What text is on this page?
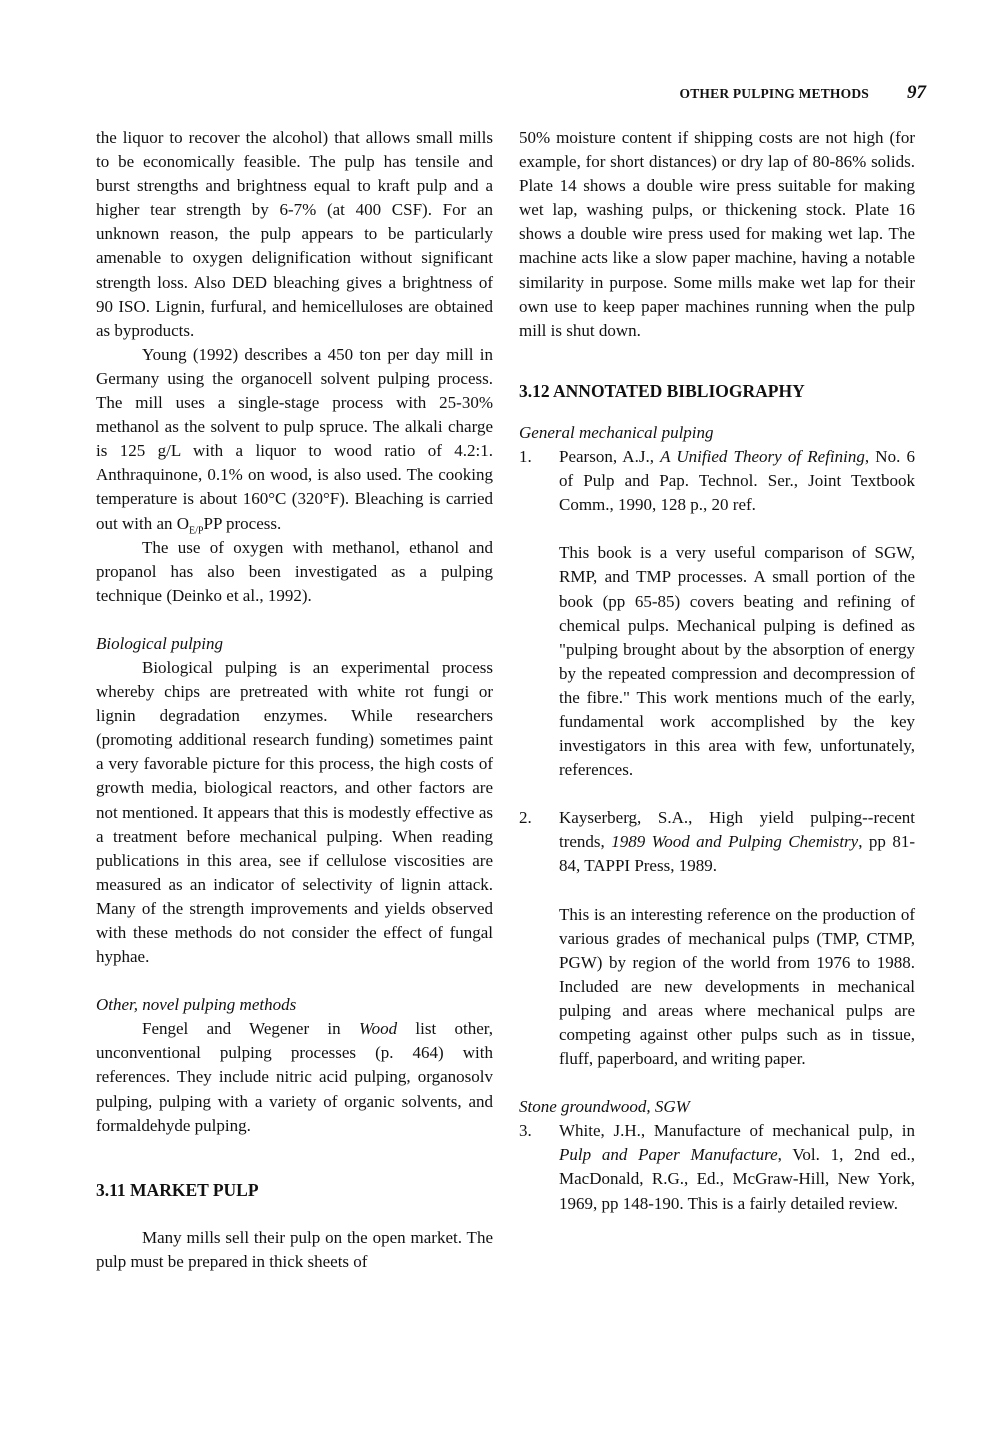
OTHER PULPING METHODS 97

the liquor to recover the alcohol) that allows small mills to be economically feasible. The pulp has tensile and burst strengths and brightness equal to kraft pulp and a higher tear strength by 6-7% (at 400 CSF). For an unknown reason, the pulp appears to be particularly amenable to oxygen delignification without significant strength loss. Also DED bleaching gives a brightness of 90 ISO. Lignin, furfural, and hemicelluloses are obtained as byproducts.

Young (1992) describes a 450 ton per day mill in Germany using the organocell solvent pulping process. The mill uses a single-stage process with 25-30% methanol as the solvent to pulp spruce. The alkali charge is 125 g/L with a liquor to wood ratio of 4.2:1. Anthraquinone, 0.1% on wood, is also used. The cooking temperature is about 160°C (320°F). Bleaching is carried out with an $O_{E/P}PP$ process.

The use of oxygen with methanol, ethanol and propanol has also been investigated as a pulping technique (Deinko et al., 1992).

Biological pulping

Biological pulping is an experimental process whereby chips are pretreated with white rot fungi or lignin degradation enzymes. While researchers (promoting additional research funding) sometimes paint a very favorable picture for this process, the high costs of growth media, biological reactors, and other factors are not mentioned. It appears that this is modestly effective as a treatment before mechanical pulping. When reading publications in this area, see if cellulose viscosities are measured as an indicator of selectivity of lignin attack. Many of the strength improvements and yields observed with these methods do not consider the effect of fungal hyphae.

Other, novel pulping methods

Fengel and Wegener in Wood list other, unconventional pulping processes (p. 464) with references. They include nitric acid pulping, organosolv pulping, pulping with a variety of organic solvents, and formaldehyde pulping.

3.11 MARKET PULP

Many mills sell their pulp on the open market. The pulp must be prepared in thick sheets of

50% moisture content if shipping costs are not high (for example, for short distances) or dry lap of 80-86% solids. Plate 14 shows a double wire press suitable for making wet lap, washing pulps, or thickening stock. Plate 16 shows a double wire press used for making wet lap. The machine acts like a slow paper machine, having a notable similarity in purpose. Some mills make wet lap for their own use to keep paper machines running when the pulp mill is shut down.

3.12 ANNOTATED BIBLIOGRAPHY

General mechanical pulping

1.	Pearson, A.J., A Unified Theory of Refining, No. 6 of Pulp and Pap. Technol. Ser., Joint Textbook Comm., 1990, 128 p., 20 ref.

This book is a very useful comparison of SGW, RMP, and TMP processes. A small portion of the book (pp 65-85) covers beating and refining of chemical pulps. Mechanical pulping is defined as "pulping brought about by the absorption of energy by the repeated compression and decompression of the fibre." This work mentions much of the early, fundamental work accomplished by the key investigators in this area with few, unfortunately, references.

2.	Kayserberg, S.A., High yield pulping--recent trends, 1989 Wood and Pulping Chemistry, pp 81-84, TAPPI Press, 1989.

This is an interesting reference on the production of various grades of mechanical pulps (TMP, CTMP, PGW) by region of the world from 1976 to 1988. Included are new developments in mechanical pulping and areas where mechanical pulps are competing against other pulps such as in tissue, fluff, paperboard, and writing paper.

Stone groundwood, SGW

3.	White, J.H., Manufacture of mechanical pulp, in Pulp and Paper Manufacture, Vol. 1, 2nd ed., MacDonald, R.G., Ed., McGraw-Hill, New York, 1969, pp 148-190. This is a fairly detailed review.
